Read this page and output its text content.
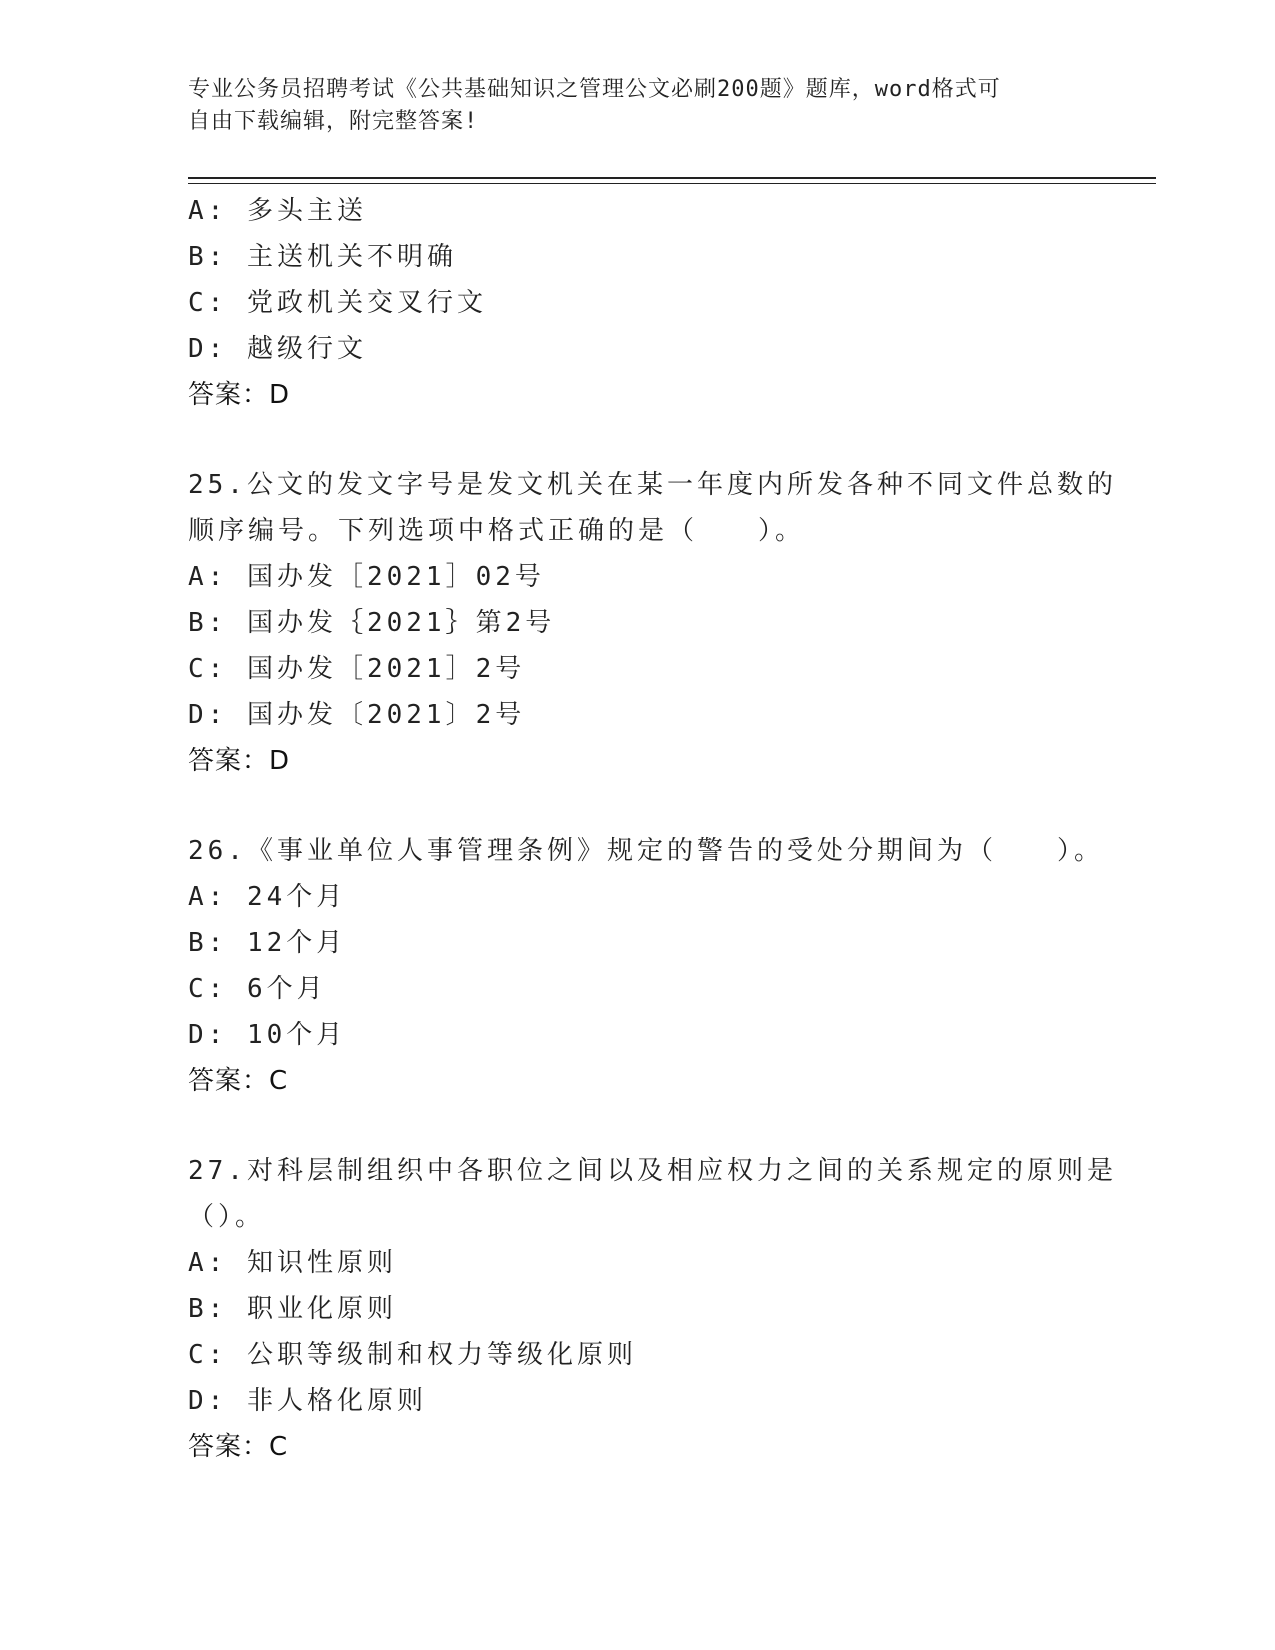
专业公务员招聘考试《公共基础知识之管理公文必刷200题》题库，word格式可
自由下载编辑，附完整答案!
A: 多头主送
B: 主送机关不明确
C: 党政机关交叉行文
D: 越级行文
答案：D
25.公文的发文字号是发文机关在某一年度内所发各种不同文件总数的
顺序编号。下列选项中格式正确的是（　　）。
A: 国办发［2021］02号
B: 国办发｛2021｝第2号
C: 国办发［2021］2号
D: 国办发〔2021〕2号
答案：D
26.《事业单位人事管理条例》规定的警告的受处分期间为（　　）。
A: 24个月
B: 12个月
C: 6个月
D: 10个月
答案：C
27.对科层制组织中各职位之间以及相应权力之间的关系规定的原则是
（）。
A: 知识性原则
B: 职业化原则
C: 公职等级制和权力等级化原则
D: 非人格化原则
答案：C
